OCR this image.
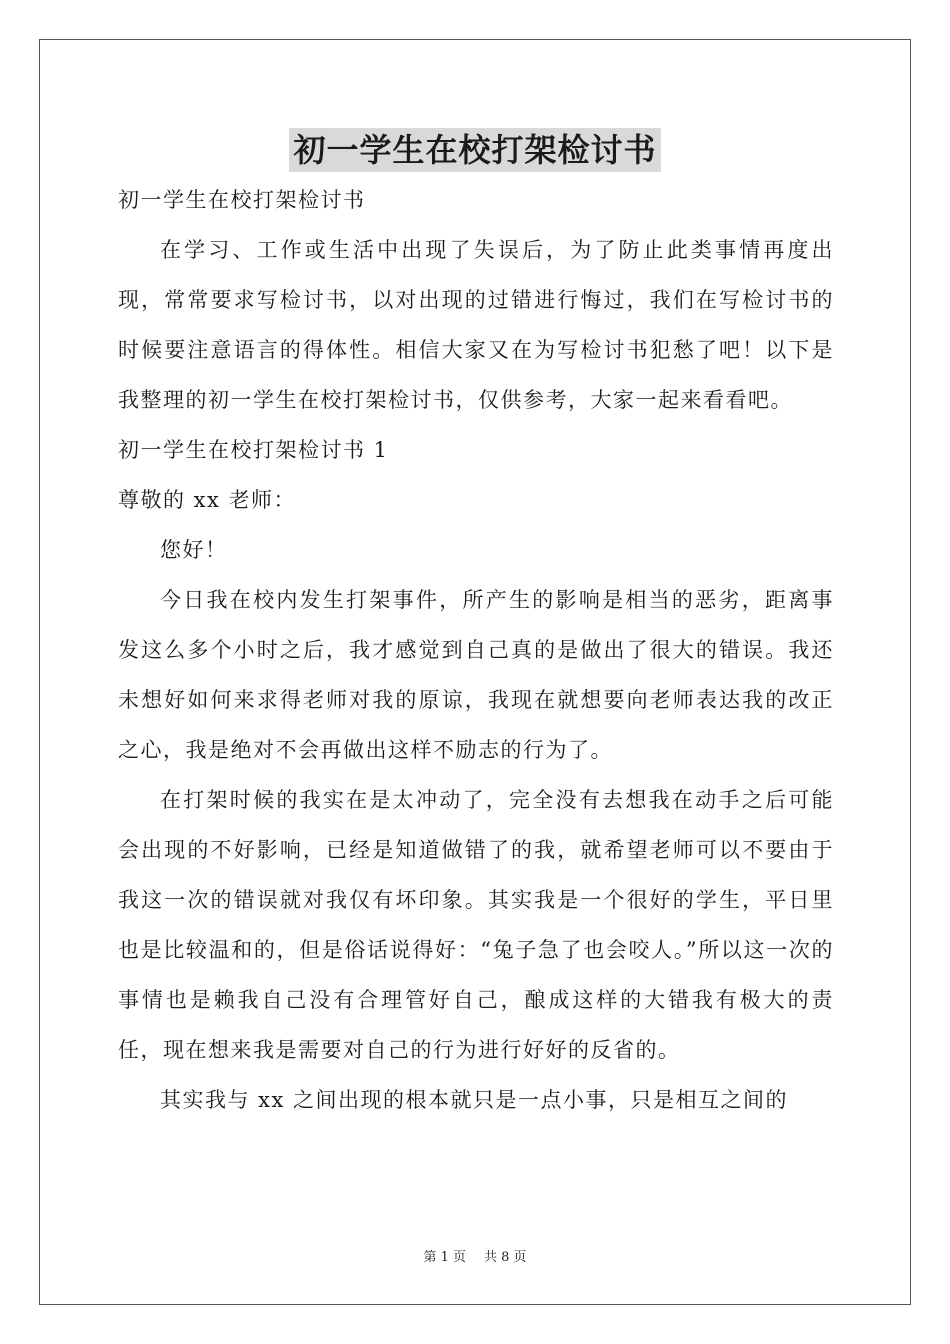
初一学生在校打架检讨书

初一学生在校打架检讨书

在学习、工作或生活中出现了失误后，为了防止此类事情再度出现，常常要求写检讨书，以对出现的过错进行悔过，我们在写检讨书的时候要注意语言的得体性。相信大家又在为写检讨书犯愁了吧！以下是我整理的初一学生在校打架检讨书，仅供参考，大家一起来看看吧。

初一学生在校打架检讨书 1

尊敬的 xx 老师：

您好！

今日我在校内发生打架事件，所产生的影响是相当的恶劣，距离事发这么多个小时之后，我才感觉到自己真的是做出了很大的错误。我还未想好如何来求得老师对我的原谅，我现在就想要向老师表达我的改正之心，我是绝对不会再做出这样不励志的行为了。

在打架时候的我实在是太冲动了，完全没有去想我在动手之后可能会出现的不好影响，已经是知道做错了的我，就希望老师可以不要由于我这一次的错误就对我仅有坏印象。其实我是一个很好的学生，平日里也是比较温和的，但是俗话说得好：“兔子急了也会咬人。”所以这一次的事情也是赖我自己没有合理管好自己，酿成这样的大错我有极大的责任，现在想来我是需要对自己的行为进行好好的反省的。

其实我与 xx 之间出现的根本就只是一点小事，只是相互之间的

第 1 页 共 8 页
